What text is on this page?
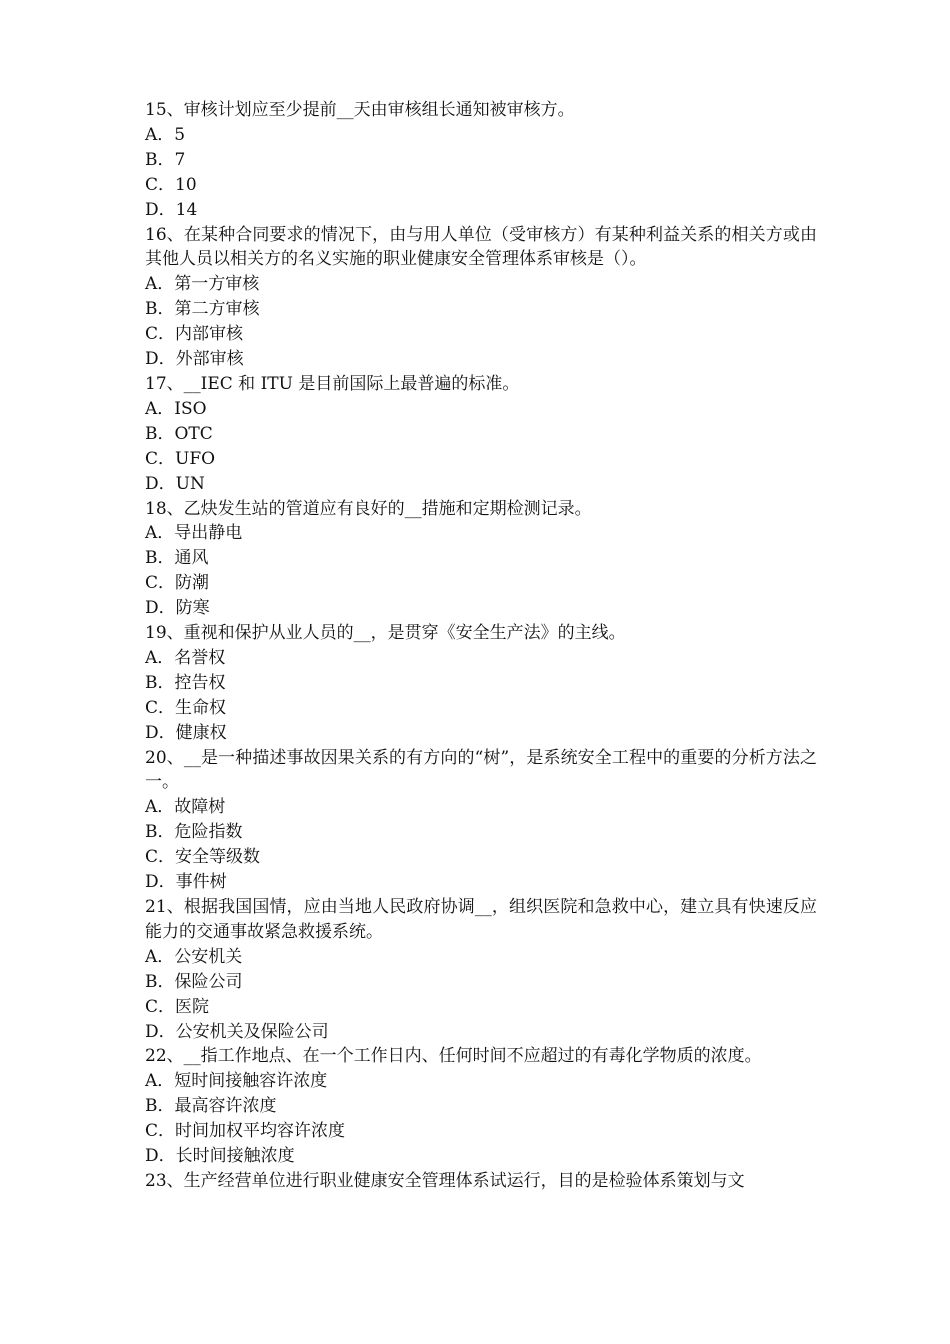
15、审核计划应至少提前__天由审核组长通知被审核方。
A．5
B．7
C．10
D．14
16、在某种合同要求的情况下，由与用人单位（受审核方）有某种利益关系的相关方或由其他人员以相关方的名义实施的职业健康安全管理体系审核是（）。
A．第一方审核
B．第二方审核
C．内部审核
D．外部审核
17、__IEC 和 ITU 是目前国际上最普遍的标准。
A．ISO
B．OTC
C．UFO
D．UN
18、乙炔发生站的管道应有良好的__措施和定期检测记录。
A．导出静电
B．通风
C．防潮
D．防寒
19、重视和保护从业人员的__，是贯穿《安全生产法》的主线。
A．名誉权
B．控告权
C．生命权
D．健康权
20、__是一种描述事故因果关系的有方向的“树”，是系统安全工程中的重要的分析方法之一。
A．故障树
B．危险指数
C．安全等级数
D．事件树
21、根据我国国情，应由当地人民政府协调__，组织医院和急救中心，建立具有快速反应能力的交通事故紧急救援系统。
A．公安机关
B．保险公司
C．医院
D．公安机关及保险公司
22、__指工作地点、在一个工作日内、任何时间不应超过的有毒化学物质的浓度。
A．短时间接触容许浓度
B．最高容许浓度
C．时间加权平均容许浓度
D．长时间接触浓度
23、生产经营单位进行职业健康安全管理体系试运行，目的是检验体系策划与文
